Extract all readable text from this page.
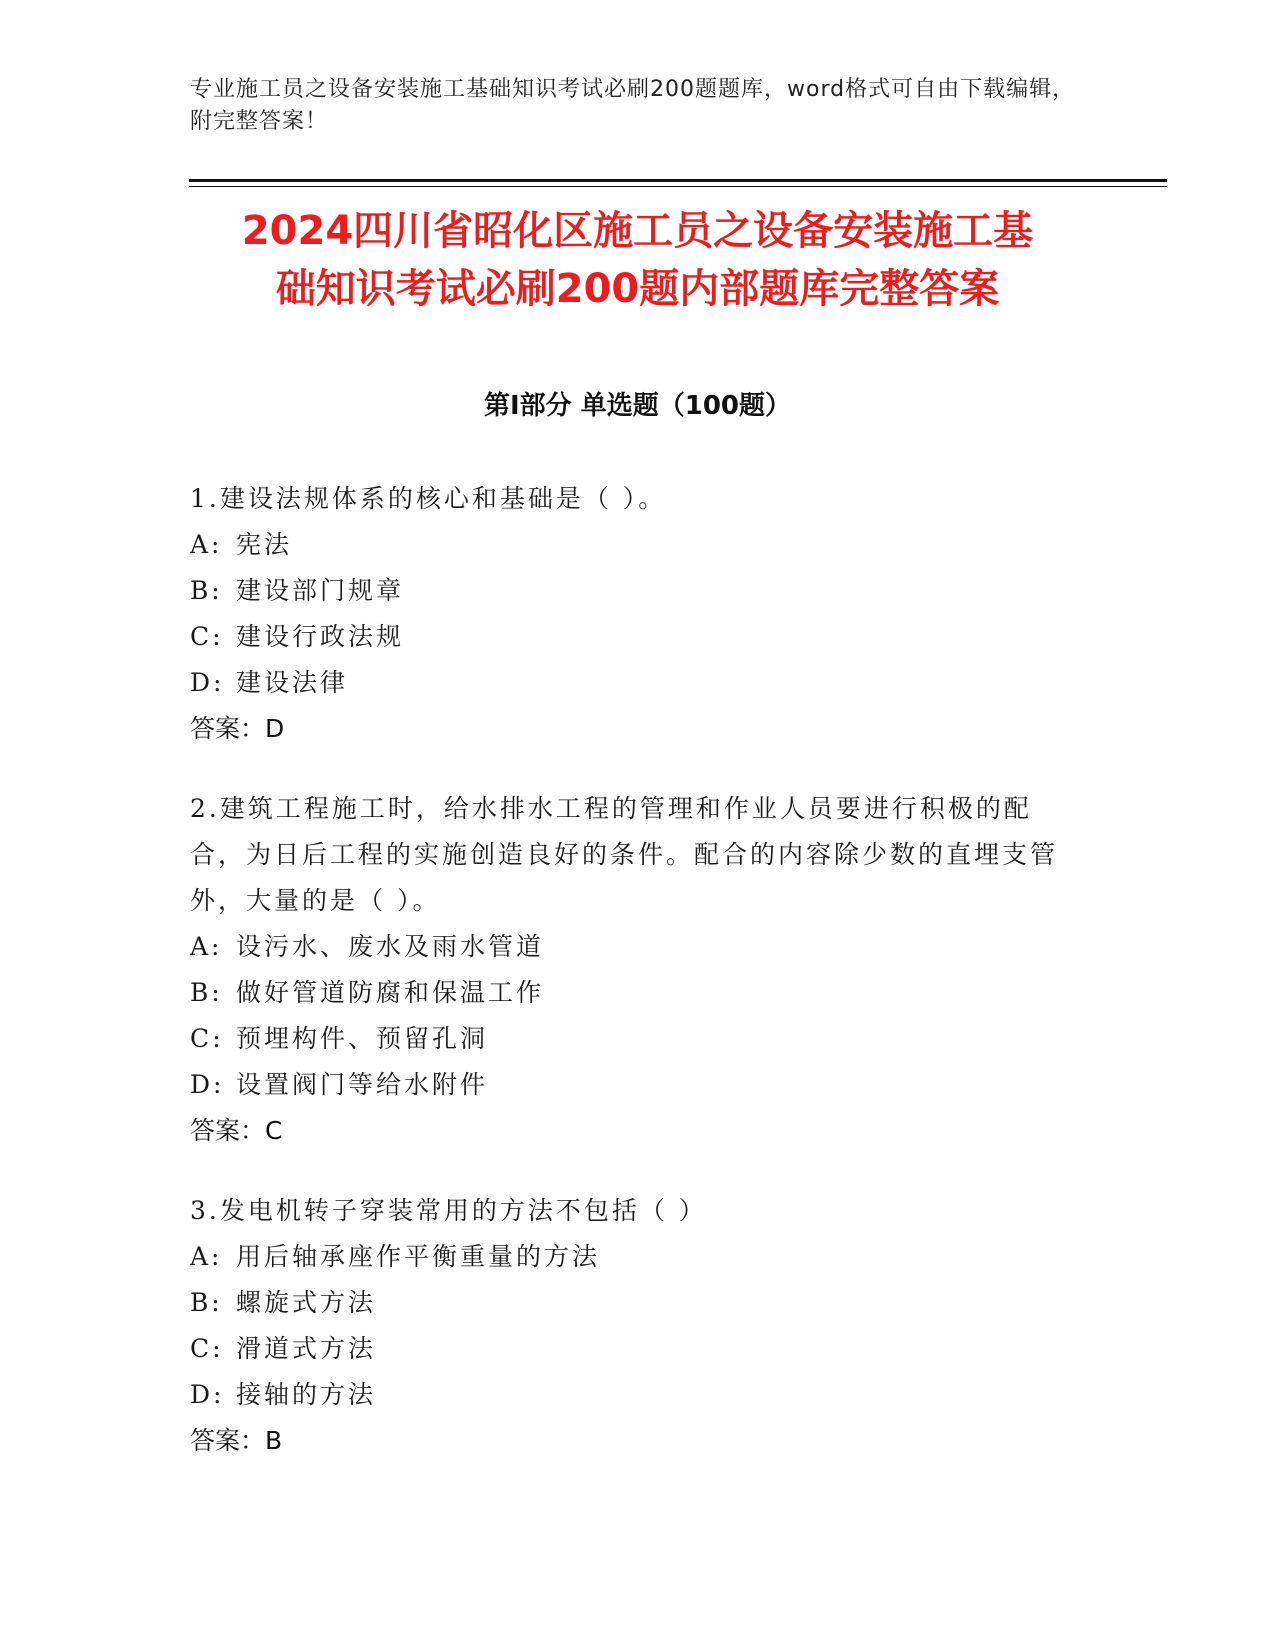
专业施工员之设备安装施工基础知识考试必刷200题题库，word格式可自由下载编辑，附完整答案！
2024四川省昭化区施工员之设备安装施工基
础知识考试必刷200题内部题库完整答案
第Ⅰ部分 单选题（100题）
1.建设法规体系的核心和基础是（ ）。
A: 宪法
B: 建设部门规章
C: 建设行政法规
D: 建设法律
答案：D
2.建筑工程施工时，给水排水工程的管理和作业人员要进行积极的配合，为日后工程的实施创造良好的条件。配合的内容除少数的直埋支管外，大量的是（ ）。
A: 设污水、废水及雨水管道
B: 做好管道防腐和保温工作
C: 预埋构件、预留孔洞
D: 设置阀门等给水附件
答案：C
3.发电机转子穿装常用的方法不包括（ ）
A: 用后轴承座作平衡重量的方法
B: 螺旋式方法
C: 滑道式方法
D: 接轴的方法
答案：B
